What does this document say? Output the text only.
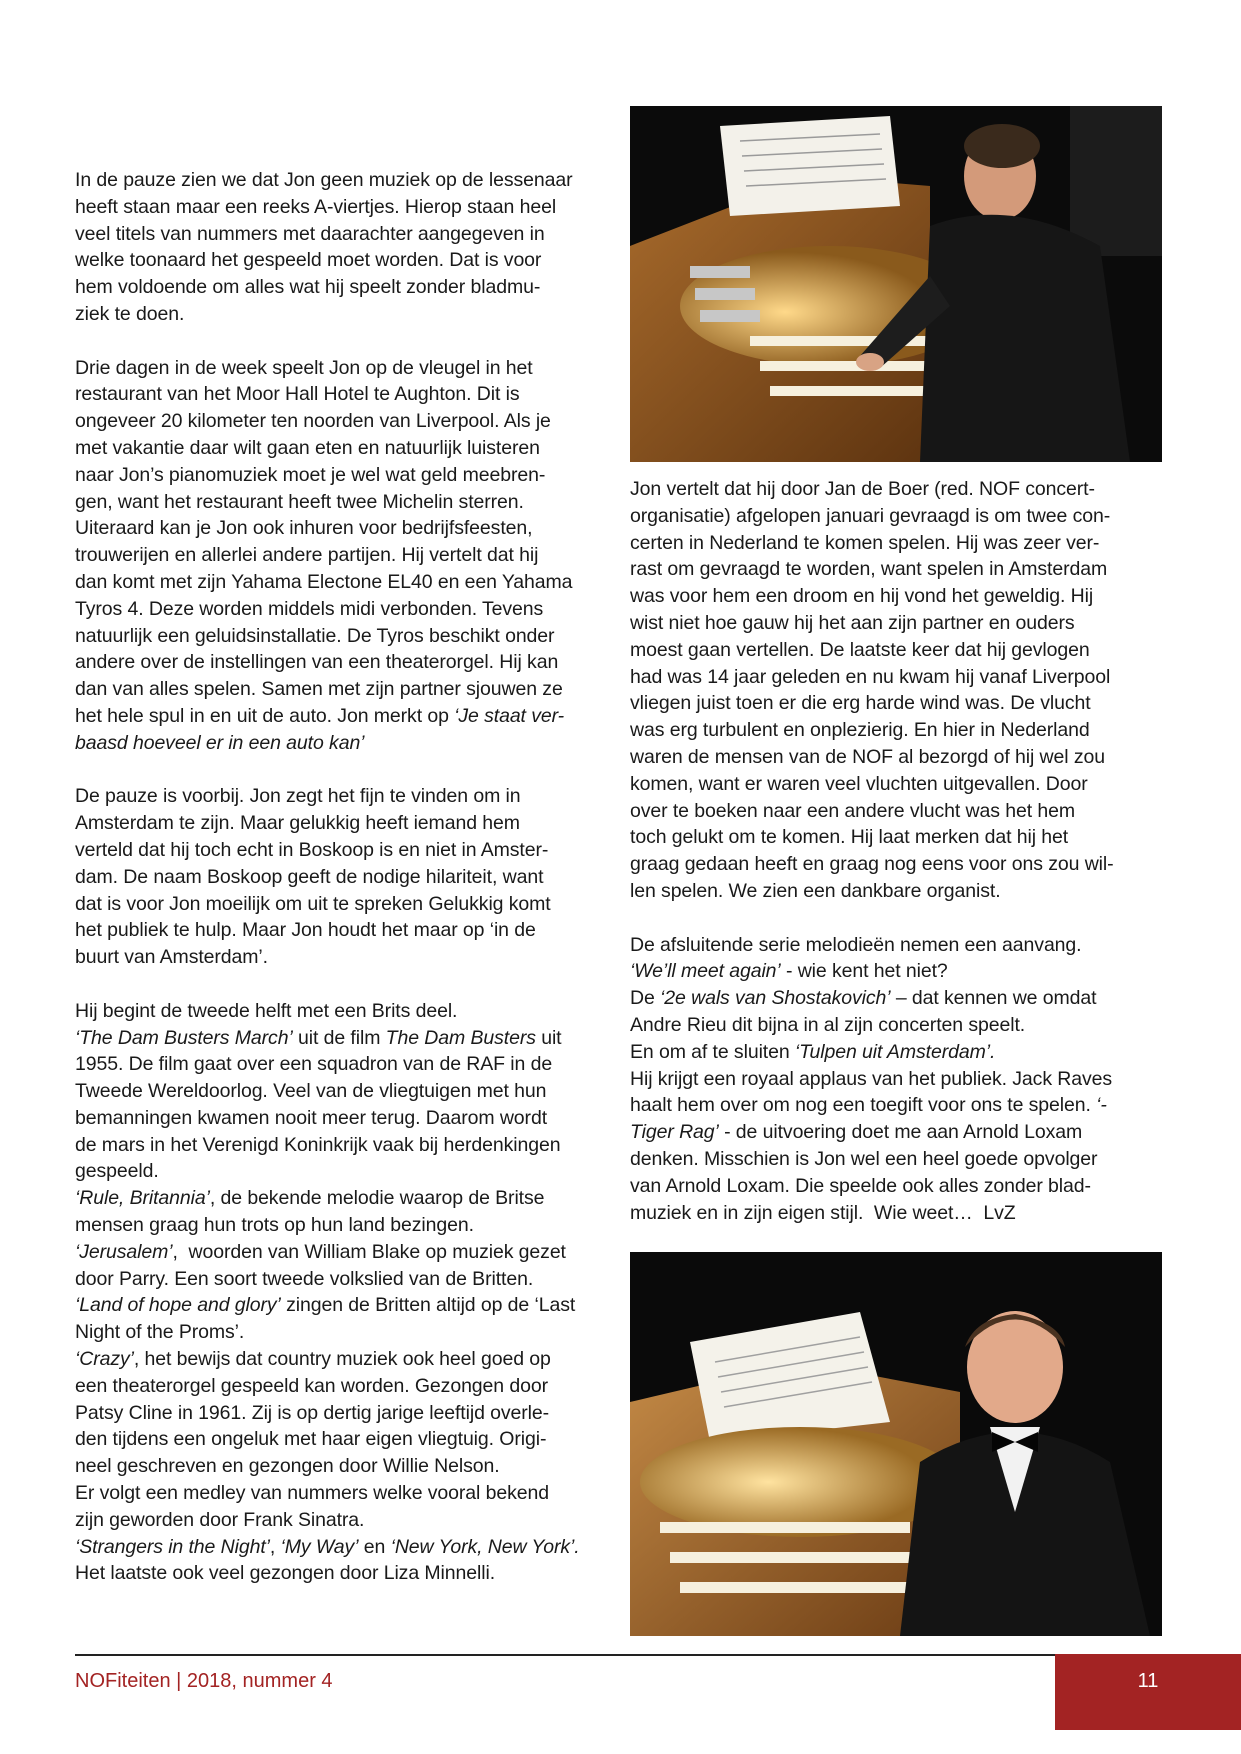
In de pauze zien we dat Jon geen muziek op de lessenaar
heeft staan maar een reeks A-viertjes. Hierop staan heel
veel titels van nummers met daarachter aangegeven in
welke toonaard het gespeeld moet worden. Dat is voor
hem voldoende om alles wat hij speelt zonder bladmu-
ziek te doen.

Drie dagen in de week speelt Jon op de vleugel in het
restaurant van het Moor Hall Hotel te Aughton. Dit is
ongeveer 20 kilometer ten noorden van Liverpool. Als je
met vakantie daar wilt gaan eten en natuurlijk luisteren
naar Jon’s pianomuziek moet je wel wat geld meebren-
gen, want het restaurant heeft twee Michelin sterren.
Uiteraard kan je Jon ook inhuren voor bedrijfsfeesten,
trouwerijen en allerlei andere partijen. Hij vertelt dat hij
dan komt met zijn Yahama Electone EL40 en een Yahama
Tyros 4. Deze worden middels midi verbonden. Tevens
natuurlijk een geluidsinstallatie. De Tyros beschikt onder
andere over de instellingen van een theaterorgel. Hij kan
dan van alles spelen. Samen met zijn partner sjouwen ze
het hele spul in en uit de auto. Jon merkt op ‘Je staat ver-
baasd hoeveel er in een auto kan’

De pauze is voorbij. Jon zegt het fijn te vinden om in
Amsterdam te zijn. Maar gelukkig heeft iemand hem
verteld dat hij toch echt in Boskoop is en niet in Amster-
dam. De naam Boskoop geeft de nodige hilariteit, want
dat is voor Jon moeilijk om uit te spreken Gelukkig komt
het publiek te hulp. Maar Jon houdt het maar op ‘in de
buurt van Amsterdam’.

Hij begint de tweede helft met een Brits deel.
‘The Dam Busters March’ uit de film The Dam Busters uit
1955. De film gaat over een squadron van de RAF in de
Tweede Wereldoorlog. Veel van de vliegtuigen met hun
bemanningen kwamen nooit meer terug. Daarom wordt
de mars in het Verenigd Koninkrijk vaak bij herdenkingen
gespeeld.
‘Rule, Britannia’, de bekende melodie waarop de Britse
mensen graag hun trots op hun land bezingen.
‘Jerusalem’,  woorden van William Blake op muziek gezet
door Parry. Een soort tweede volkslied van de Britten.
‘Land of hope and glory’ zingen de Britten altijd op de ‘Last
Night of the Proms’.
‘Crazy’, het bewijs dat country muziek ook heel goed op
een theaterorgel gespeeld kan worden. Gezongen door
Patsy Cline in 1961. Zij is op dertig jarige leeftijd overle-
den tijdens een ongeluk met haar eigen vliegtuig. Origi-
neel geschreven en gezongen door Willie Nelson.
Er volgt een medley van nummers welke vooral bekend
zijn geworden door Frank Sinatra.
‘Strangers in the Night’, ‘My Way’ en ‘New York, New York’.
Het laatste ook veel gezongen door Liza Minnelli.

Jon vertelt dat hij door Jan de Boer (red. NOF concert-
organisatie) afgelopen januari gevraagd is om twee con-
certen in Nederland te komen spelen. Hij was zeer ver-
rast om gevraagd te worden, want spelen in Amsterdam
was voor hem een droom en hij vond het geweldig. Hij
wist niet hoe gauw hij het aan zijn partner en ouders
moest gaan vertellen. De laatste keer dat hij gevlogen
had was 14 jaar geleden en nu kwam hij vanaf Liverpool
vliegen juist toen er die erg harde wind was. De vlucht
was erg turbulent en onplezierig. En hier in Nederland
waren de mensen van de NOF al bezorgd of hij wel zou
komen, want er waren veel vluchten uitgevallen. Door
over te boeken naar een andere vlucht was het hem
toch gelukt om te komen. Hij laat merken dat hij het
graag gedaan heeft en graag nog eens voor ons zou wil-
len spelen. We zien een dankbare organist.

De afsluitende serie melodieën nemen een aanvang.
‘We’ll meet again’ - wie kent het niet?
De ‘2e wals van Shostakovich’ – dat kennen we omdat
Andre Rieu dit bijna in al zijn concerten speelt.
En om af te sluiten ‘Tulpen uit Amsterdam’.
Hij krijgt een royaal applaus van het publiek. Jack Raves
haalt hem over om nog een toegift voor ons te spelen. ‘-
Tiger Rag’ - de uitvoering doet me aan Arnold Loxam
denken. Misschien is Jon wel een heel goede opvolger
van Arnold Loxam. Die speelde ook alles zonder blad-
muziek en in zijn eigen stijl.  Wie weet…  LvZ

NOFiteiten | 2018, nummer 4	11
